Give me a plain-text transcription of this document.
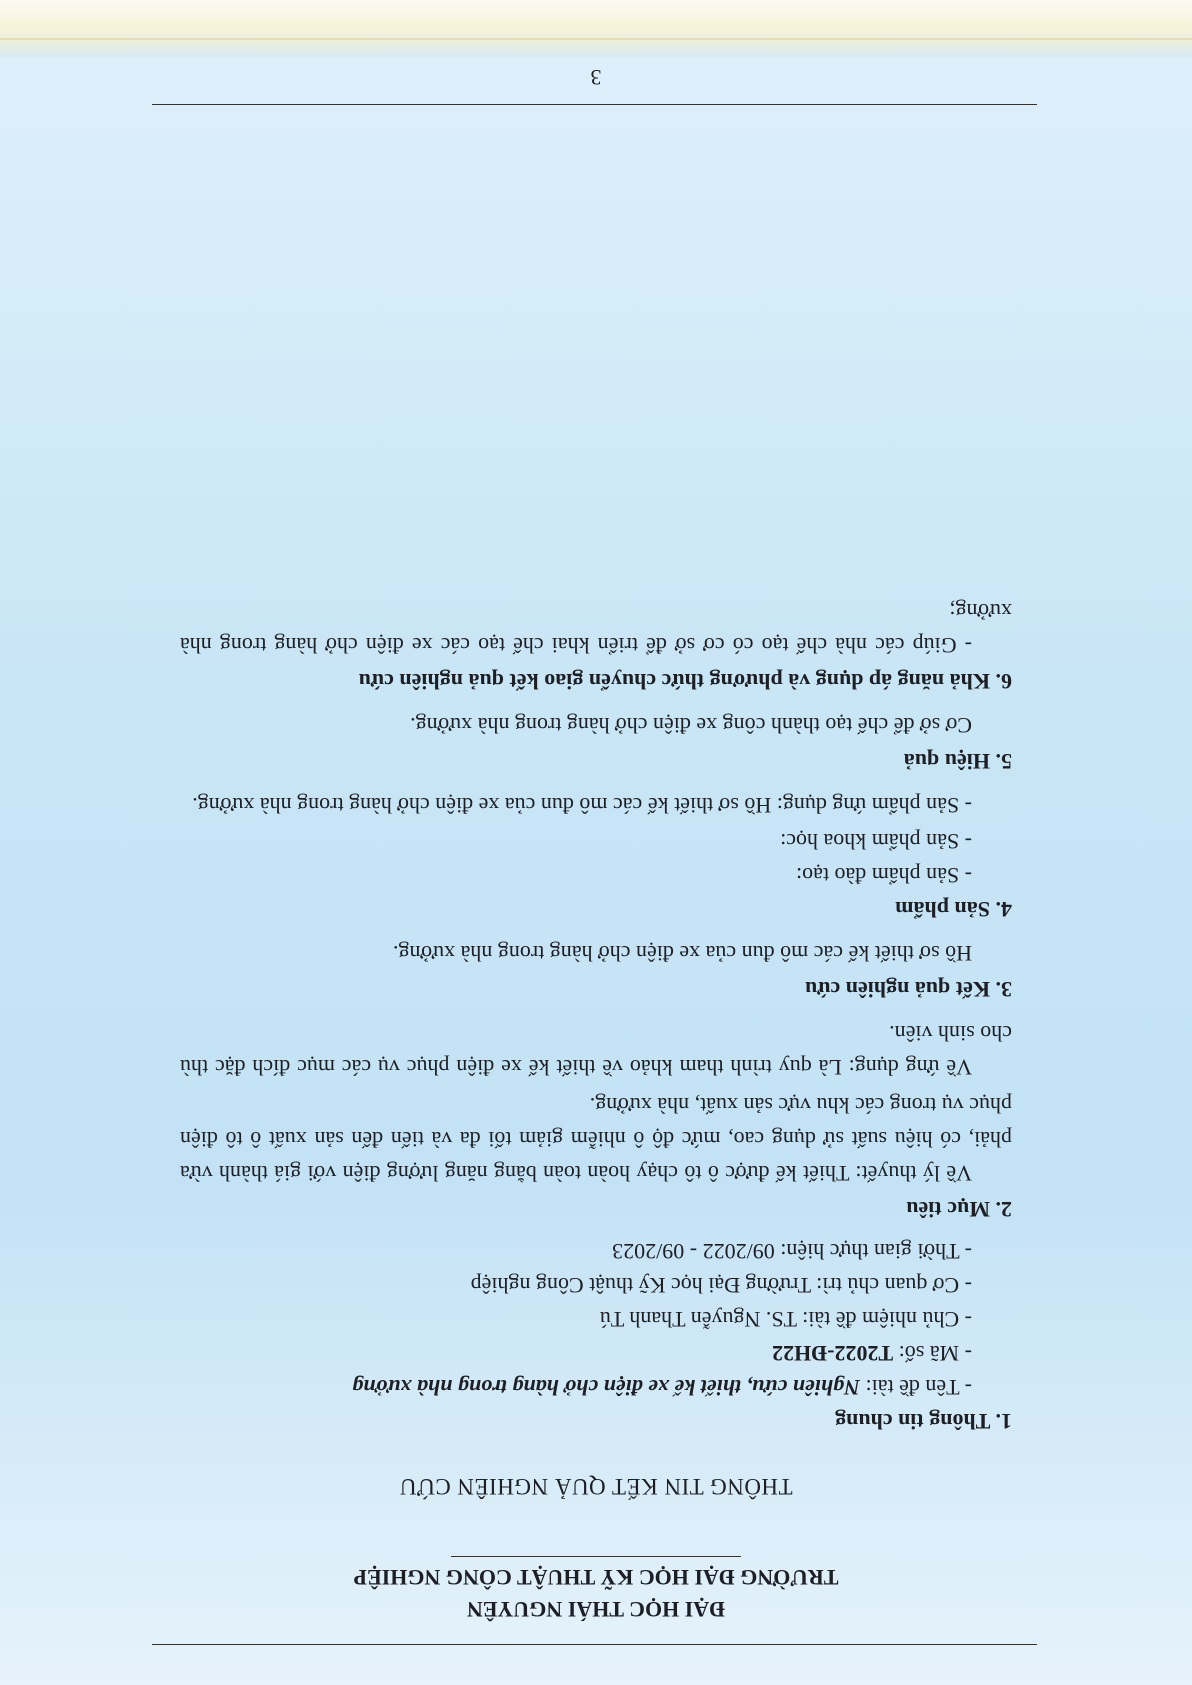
ĐẠI HỌC THÁI NGUYÊN
TRƯỜNG ĐẠI HỌC KỸ THUẬT CÔNG NGHIỆP
THÔNG TIN KẾT QUẢ NGHIÊN CỨU
1. Thông tin chung
- Tên đề tài: Nghiên cứu, thiết kế xe điện chở hàng trong nhà xưởng
- Mã số: T2022-ĐH22
- Chủ nhiệm đề tài: TS. Nguyễn Thanh Tú
- Cơ quan chủ trì: Trường Đại học Kỹ thuật Công nghiệp
- Thời gian thực hiện: 09/2022 - 09/2023
2. Mục tiêu

Về lý thuyết: Thiết kế được ô tô chạy hoàn toàn bằng năng lượng điện với giá thành vừa phải, có hiệu suất sử dụng cao, mức độ ô nhiễm giảm tối đa và tiến đến sản xuất ô tô điện phục vụ trong các khu vực sản xuất, nhà xưởng.

Về ứng dụng: Là quy trình tham khảo về thiết kế xe điện phục vụ các mục đích đặc thù cho sinh viên.

3. Kết quả nghiên cứu

Hồ sơ thiết kế các mô đun của xe điện chở hàng trong nhà xưởng.

4. Sản phẩm
- Sản phẩm đào tạo:
- Sản phẩm khoa học:

- Sản phẩm ứng dụng: Hồ sơ thiết kế các mô đun của xe điện chở hàng trong nhà xưởng.

5. Hiệu quả

Cơ sở để chế tạo thành công xe điện chở hàng trong nhà xưởng.

6. Khả năng áp dụng và phương thức chuyển giao kết quả nghiên cứu

- Giúp các nhà chế tạo có cơ sở để triển khai chế tạo các xe điện chở hàng trong nhà xưởng;

3
